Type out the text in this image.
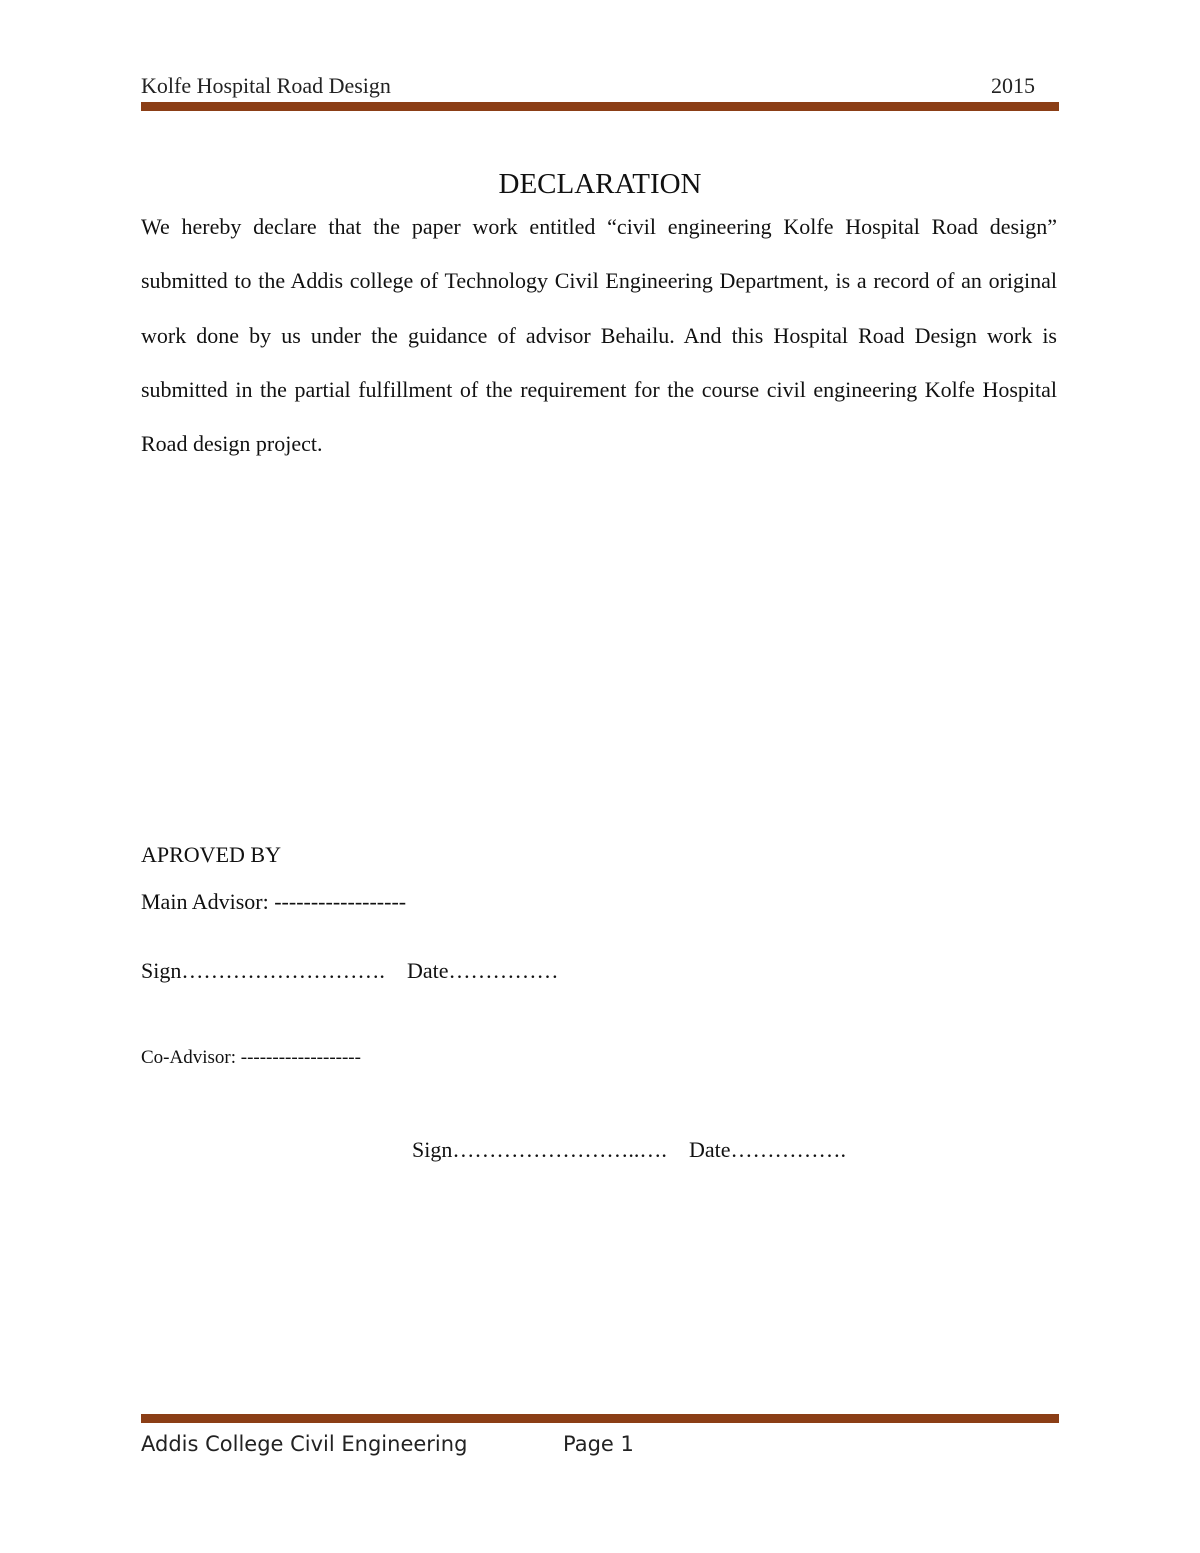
Kolfe Hospital Road Design	2015
DECLARATION

We hereby declare that the paper work entitled “civil engineering Kolfe Hospital Road design” submitted to the Addis college of Technology Civil Engineering Department, is a record of an original work done by us under the guidance of advisor Behailu. And this Hospital Road Design work is submitted in the partial fulfillment of the requirement for the course civil engineering Kolfe Hospital Road design project.

APROVED BY
Main Advisor: ------------------
Sign………………………. Date……………
Co-Advisor: -------------------
Sign……………………..…. Date…………….
Addis College Civil Engineering	Page 1
